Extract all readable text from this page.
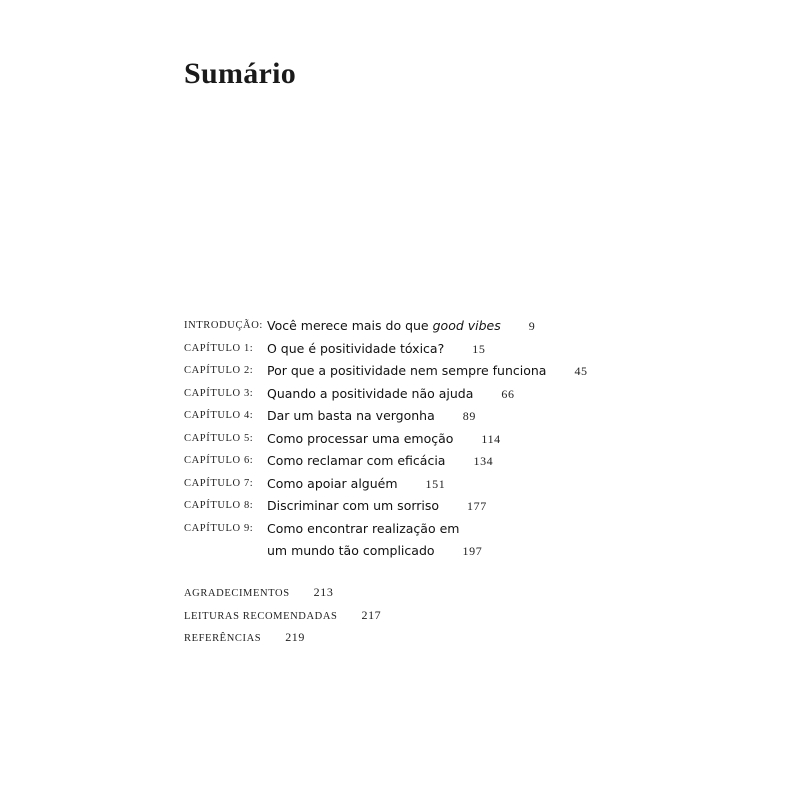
Sumário
INTRODUÇÃO: Você merece mais do que good vibes 9
CAPÍTULO 1: O que é positividade tóxica? 15
CAPÍTULO 2: Por que a positividade nem sempre funciona 45
CAPÍTULO 3: Quando a positividade não ajuda 66
CAPÍTULO 4: Dar um basta na vergonha 89
CAPÍTULO 5: Como processar uma emoção 114
CAPÍTULO 6: Como reclamar com eficácia 134
CAPÍTULO 7: Como apoiar alguém 151
CAPÍTULO 8: Discriminar com um sorriso 177
CAPÍTULO 9: Como encontrar realização em
um mundo tão complicado 197
AGRADECIMENTOS 213
LEITURAS RECOMENDADAS 217
REFERÊNCIAS 219
